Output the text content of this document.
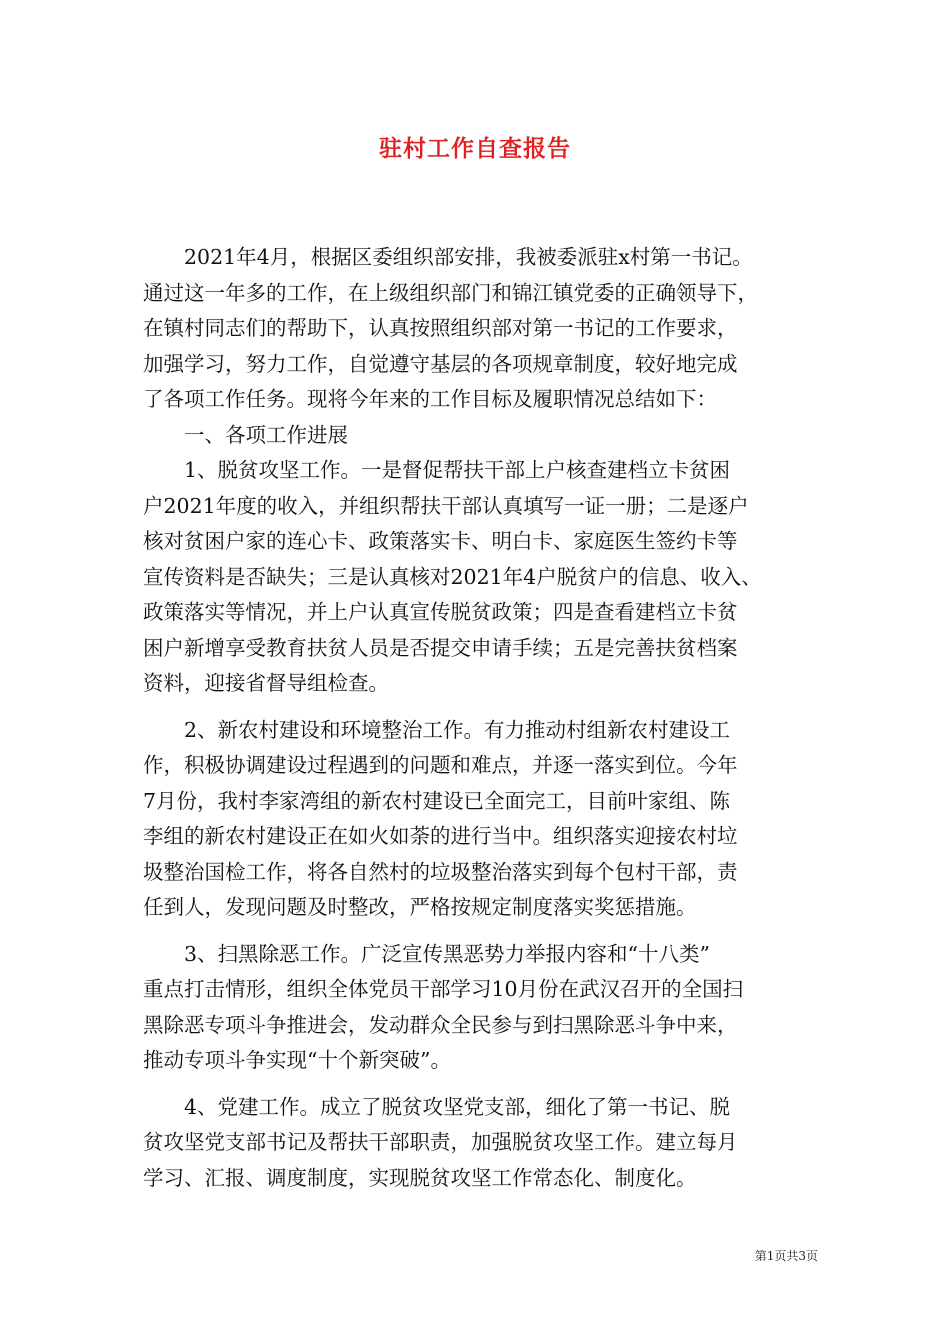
驻村工作自查报告
　　2021年4月，根据区委组织部安排，我被委派驻x村第一书记。
通过这一年多的工作，在上级组织部门和锦江镇党委的正确领导下，
在镇村同志们的帮助下，认真按照组织部对第一书记的工作要求，
加强学习，努力工作，自觉遵守基层的各项规章制度，较好地完成
了各项工作任务。现将今年来的工作目标及履职情况总结如下：
　　一、各项工作进展
　　1、脱贫攻坚工作。一是督促帮扶干部上户核查建档立卡贫困
户2021年度的收入，并组织帮扶干部认真填写一证一册；二是逐户
核对贫困户家的连心卡、政策落实卡、明白卡、家庭医生签约卡等
宣传资料是否缺失；三是认真核对2021年4户脱贫户的信息、收入、
政策落实等情况，并上户认真宣传脱贫政策；四是查看建档立卡贫
困户新增享受教育扶贫人员是否提交申请手续；五是完善扶贫档案
资料，迎接省督导组检查。
　　2、新农村建设和环境整治工作。有力推动村组新农村建设工
作，积极协调建设过程遇到的问题和难点，并逐一落实到位。今年
7月份，我村李家湾组的新农村建设已全面完工，目前叶家组、陈
李组的新农村建设正在如火如荼的进行当中。组织落实迎接农村垃
圾整治国检工作，将各自然村的垃圾整治落实到每个包村干部，责
任到人，发现问题及时整改，严格按规定制度落实奖惩措施。
　　3、扫黑除恶工作。广泛宣传黑恶势力举报内容和“十八类”
重点打击情形，组织全体党员干部学习10月份在武汉召开的全国扫
黑除恶专项斗争推进会，发动群众全民参与到扫黑除恶斗争中来，
推动专项斗争实现“十个新突破”。
　　4、党建工作。成立了脱贫攻坚党支部，细化了第一书记、脱
贫攻坚党支部书记及帮扶干部职责，加强脱贫攻坚工作。建立每月
学习、汇报、调度制度，实现脱贫攻坚工作常态化、制度化。
第1页共3页
